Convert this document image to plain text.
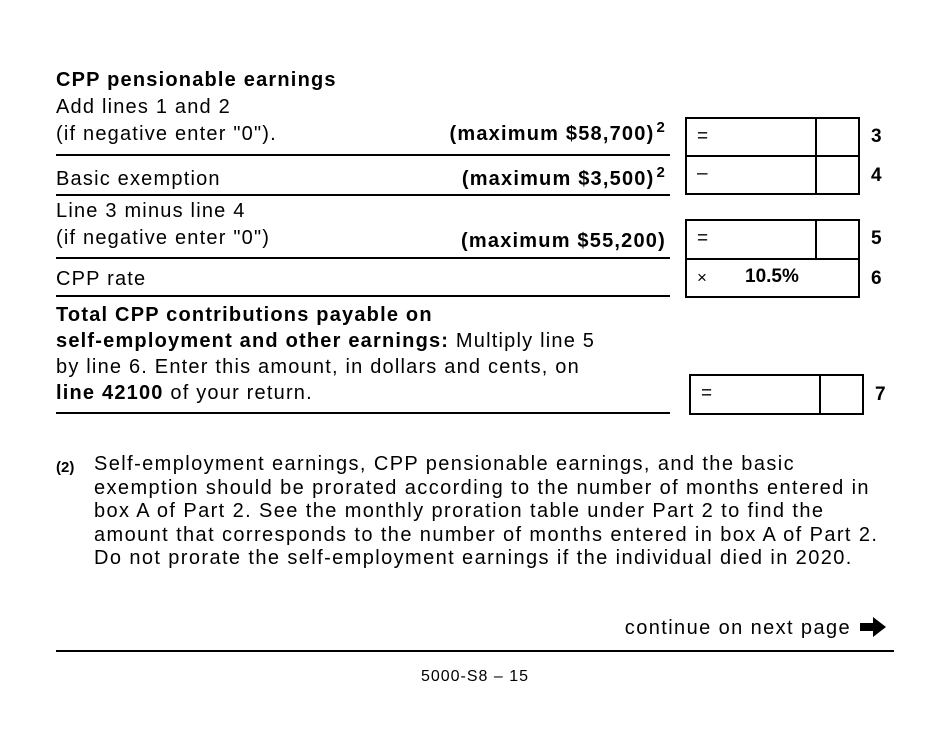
CPP pensionable earnings
Add lines 1 and 2
(if negative enter "0").	(maximum $58,700) $^2$ =	3
Basic exemption	(maximum $3,500) $^2$ –	4
Line 3 minus line 4
(if negative enter "0")	(maximum $55,200) =	5
CPP rate	× 10.5%	6
Total CPP contributions payable on
self-employment and other earnings: Multiply line 5
by line 6. Enter this amount, in dollars and cents, on
line 42100 of your return.	=	7
(2) Self-employment earnings, CPP pensionable earnings, and the basic exemption should be prorated according to the number of months entered in box A of Part 2. See the monthly proration table under Part 2 to find the amount that corresponds to the number of months entered in box A of Part 2. Do not prorate the self-employment earnings if the individual died in 2020.
continue on next page
5000-S8 – 15
